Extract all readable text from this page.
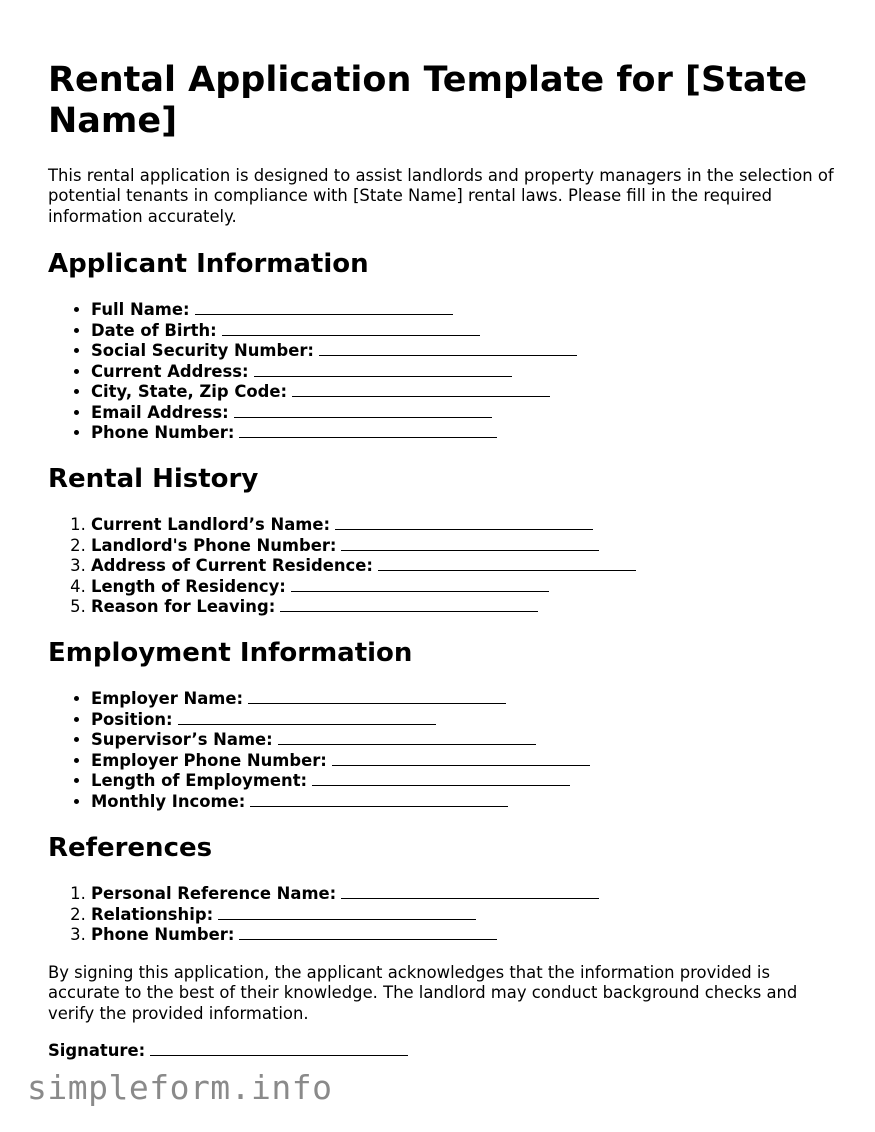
Rental Application Template for [State Name]

This rental application is designed to assist landlords and property managers in the selection of potential tenants in compliance with [State Name] rental laws. Please fill in the required information accurately.

Applicant Information
• Full Name:
• Date of Birth:
• Social Security Number:
• Current Address:
• City, State, Zip Code:
• Email Address:
• Phone Number:
Rental History
1. Current Landlord’s Name:
2. Landlord's Phone Number:
3. Address of Current Residence:
4. Length of Residency:
5. Reason for Leaving:
Employment Information
• Employer Name:
• Position:
• Supervisor’s Name:
• Employer Phone Number:
• Length of Employment:
• Monthly Income:
References
1. Personal Reference Name:
2. Relationship:
3. Phone Number:

By signing this application, the applicant acknowledges that the information provided is accurate to the best of their knowledge. The landlord may conduct background checks and verify the provided information.

Signature:
simpleform.info
